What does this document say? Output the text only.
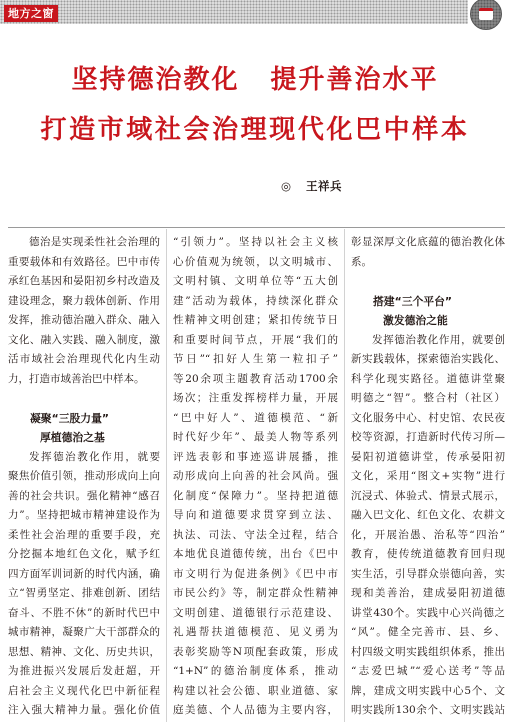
地方之窗
坚持德治教化 提升善治水平
打造市域社会治理现代化巴中样本
◎ 王祥兵
德治是实现柔性社会治理的
重要载体和有效路径。巴中市传
承红色基因和晏阳初乡村改造及
建设理念，聚力载体创新、作用
发挥，推动德治融入群众、融入
文化、融入实践、融入制度，激
活市域社会治理现代化内生动
力，打造市域善治巴中样本。
凝聚“三股力量”
厚植德治之基
发挥德治教化作用，就要
聚焦价值引领，推动形成向上向
善的社会共识。强化精神“感召
力”。坚持把城市精神建设作为
柔性社会治理的重要手段，充
分挖掘本地红色文化，赋予红
四方面军训词新的时代内涵，确
立“智勇坚定、排难创新、团结
奋斗、不胜不休”的新时代巴中
城市精神，凝聚广大干部群众的
思想、精神、文化、历史共识，
为推进振兴发展后发赶超，开
启社会主义现代化巴中新征程
注入强大精神力量。强化价值
“引领力”。坚持以社会主义核
心价值观为统领，以文明城市、
文明村镇、文明单位等“五大创
建”活动为载体，持续深化群众
性精神文明创建；紧扣传统节日
和重要时间节点，开展“我们的
节日”“扣好人生第一粒扣子”
等20余项主题教育活动1700余
场次；注重发挥榜样力量，开展
“巴中好人”、道德模范、“新
时代好少年”、最美人物等系列
评选表彰和事迹巡讲展播，推
动形成向上向善的社会风尚。强
化制度“保障力”。坚持把道德
导向和道德要求贯穿到立法、
执法、司法、守法全过程，结合
本地优良道德传统，出台《巴中
市文明行为促进条例》《巴中市
市民公约》等，制定群众性精神
文明创建、道德银行示范建设、
礼遇帮扶道德模范、见义勇为
表彰奖励等N项配套政策，形成
“1+N”的德治制度体系，推动
构建以社会公德、职业道德、家
庭美德、个人品德为主要内容，
彰显深厚文化底蕴的德治教化体
系。
搭建“三个平台”
激发德治之能
发挥德治教化作用，就要创
新实践载体，探索德治实践化、
科学化现实路径。道德讲堂聚
明德之“智”。整合村（社区）
文化服务中心、村史馆、农民夜
校等资源，打造新时代传习所—
晏阳初道德讲堂，传承晏阳初
文化，采用“图文+实物”进行
沉浸式、体验式、情景式展示，
融入巴文化、红色文化、农耕文
化，开展治愚、治私等“四治”
教育，使传统道德教育回归现
实生活，引导群众崇德向善，实
现和美善治，建成晏阳初道德
讲堂430个。实践中心兴尚德之
“风”。健全完善市、县、乡、
村四级文明实践组织体系，推出
“志爱巴城”“爱心送考”等品
牌，建成文明实践中心5个、文
明实践所130余个、文明实践站
